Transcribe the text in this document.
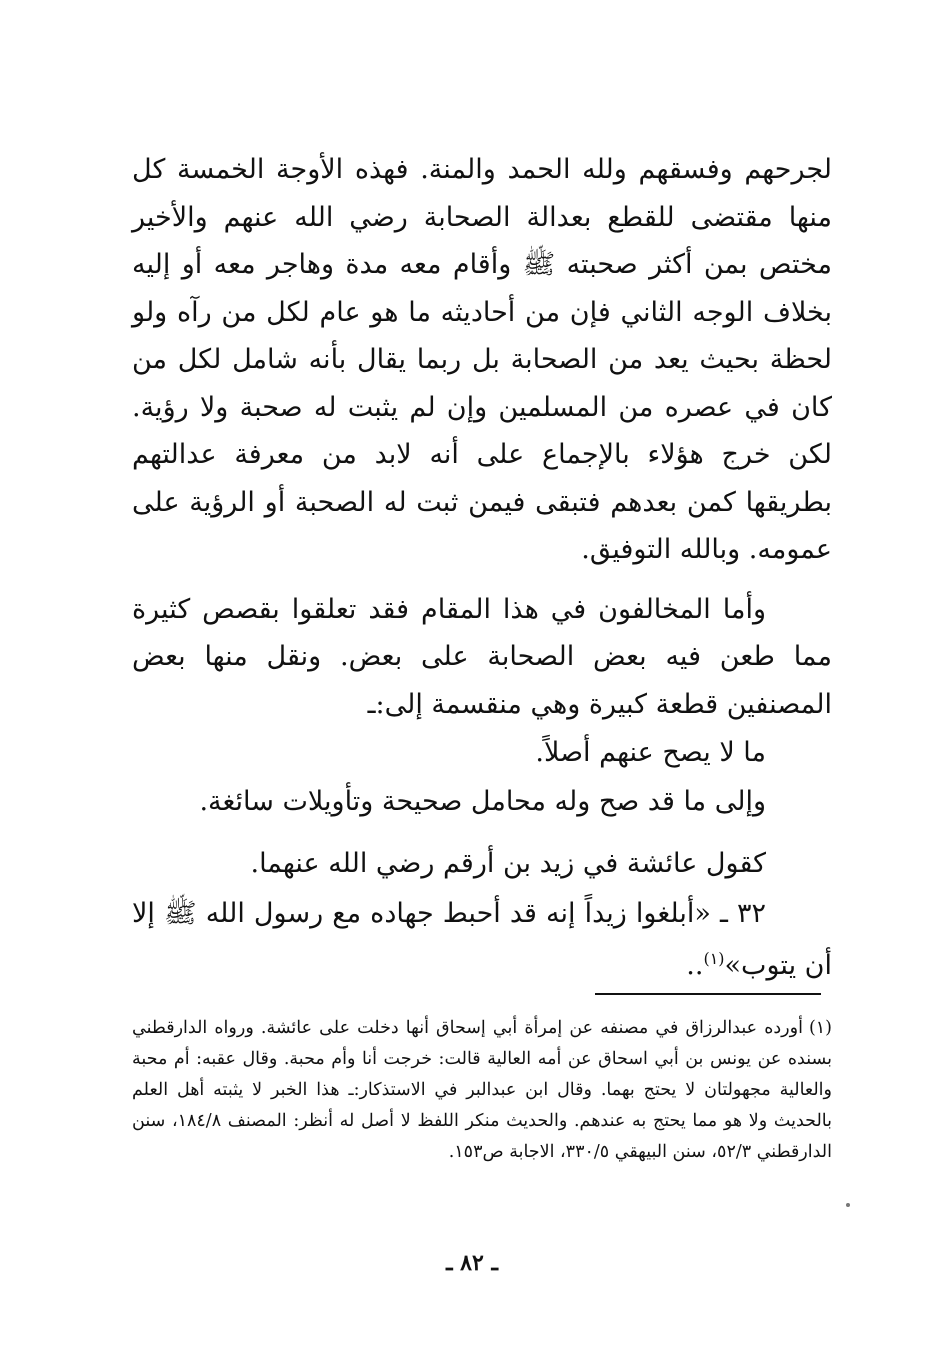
لجرحهم وفسقهم ولله الحمد والمنة. فهذه الأوجة الخمسة كل منها مقتضى للقطع بعدالة الصحابة رضي الله عنهم والأخير مختص بمن أكثر صحبته ﷺ وأقام معه مدة وهاجر معه أو إليه بخلاف الوجه الثاني فإن من أحاديثه ما هو عام لكل من رآه ولو لحظة بحيث يعد من الصحابة بل ربما يقال بأنه شامل لكل من كان في عصره من المسلمين وإن لم يثبت له صحبة ولا رؤية. لكن خرج هؤلاء بالإجماع على أنه لابد من معرفة عدالتهم بطريقها كمن بعدهم فتبقى فيمن ثبت له الصحبة أو الرؤية على عمومه. وبالله التوفيق.

وأما المخالفون في هذا المقام فقد تعلقوا بقصص كثيرة مما طعن فيه بعض الصحابة على بعض. ونقل منها بعض المصنفين قطعة كبيرة وهي منقسمة إلى:ـ

ما لا يصح عنهم أصلاً.

وإلى ما قد صح وله محامل صحيحة وتأويلات سائغة.

كقول عائشة في زيد بن أرقم رضي الله عنهما.

٣٢ ـ «أبلغوا زيداً إنه قد أحبط جهاده مع رسول الله ﷺ إلا أن يتوب»$^{(١)}$..

(١)أورده عبدالرزاق في مصنفه عن إمرأة أبي إسحاق أنها دخلت على عائشة. ورواه الدارقطني بسنده عن يونس بن أبي اسحاق عن أمه العالية قالت: خرجت أنا وأم محبة. وقال عقبه: أم محبة والعالية مجهولتان لا يحتج بهما. وقال ابن عبدالبر في الاستذكار:ـ هذا الخبر لا يثبته أهل العلم بالحديث ولا هو مما يحتج به عندهم. والحديث منكر اللفظ لا أصل له أنظر: المصنف ١٨٤/٨، سنن الدارقطني ٥٢/٣، سنن البيهقي ٣٣٠/٥، الاجابة ص١٥٣.

ـ ٨٢ ـ
